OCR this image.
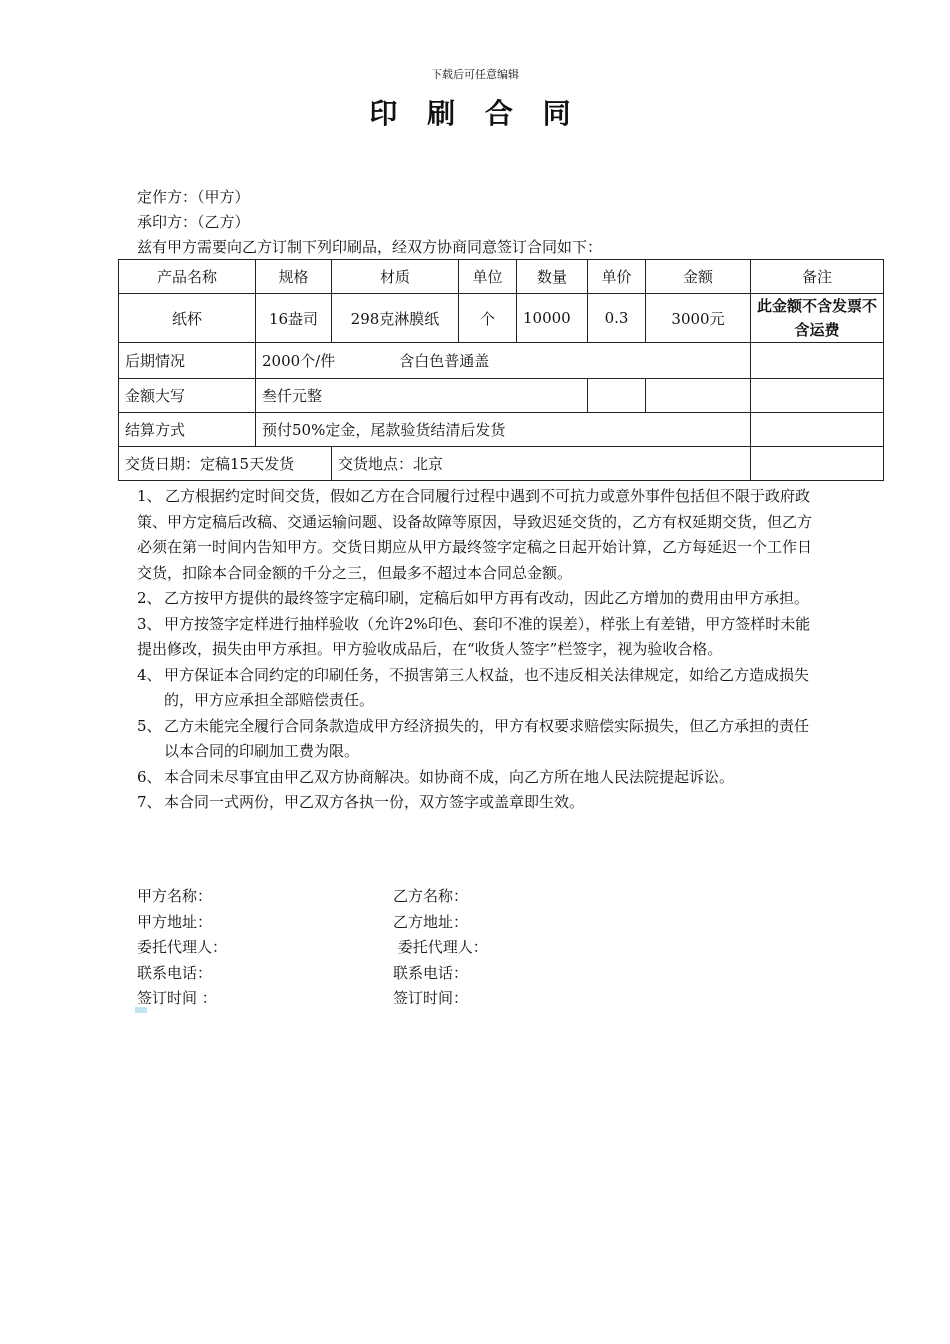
下载后可任意编辑
印 刷 合 同
定作方：（甲方）
承印方：（乙方）
兹有甲方需要向乙方订制下列印刷品，经双方协商同意签订合同如下：
产品名称	规格	材质	单位	数量	单价	金额	备注
纸杯	16盎司	298克淋膜纸	个	10000	0.3	3000元	此金额不含发票不含运费
后期情况	2000个/件 含白色普通盖						
金额大写	叁仟元整						
结算方式	预付50%定金，尾款验货结清后发货						
交货日期：定稿15天发货		交货地点：北京					
1、 乙方根据约定时间交货，假如乙方在合同履行过程中遇到不可抗力或意外事件包括但不限于政府政策、甲方定稿后改稿、交通运输问题、设备故障等原因，导致迟延交货的，乙方有权延期交货，但乙方必须在第一时间内告知甲方。交货日期应从甲方最终签字定稿之日起开始计算，乙方每延迟一个工作日交货，扣除本合同金额的千分之三，但最多不超过本合同总金额。
2、 乙方按甲方提供的最终签字定稿印刷，定稿后如甲方再有改动，因此乙方增加的费用由甲方承担。
3、 甲方按签字定样进行抽样验收（允许2%印色、套印不准的误差），样张上有差错，甲方签样时未能提出修改，损失由甲方承担。甲方验收成品后，在“收货人签字”栏签字，视为验收合格。
4、 甲方保证本合同约定的印刷任务，不损害第三人权益，也不违反相关法律规定，如给乙方造成损失的，甲方应承担全部赔偿责任。
5、 乙方未能完全履行合同条款造成甲方经济损失的，甲方有权要求赔偿实际损失，但乙方承担的责任以本合同的印刷加工费为限。
6、 本合同未尽事宜由甲乙双方协商解决。如协商不成，向乙方所在地人民法院提起诉讼。
7、 本合同一式两份，甲乙双方各执一份，双方签字或盖章即生效。
甲方名称：	乙方名称：
甲方地址：	乙方地址：
委托代理人：	委托代理人：
联系电话：	联系电话：
签订时间 ：	签订时间：
